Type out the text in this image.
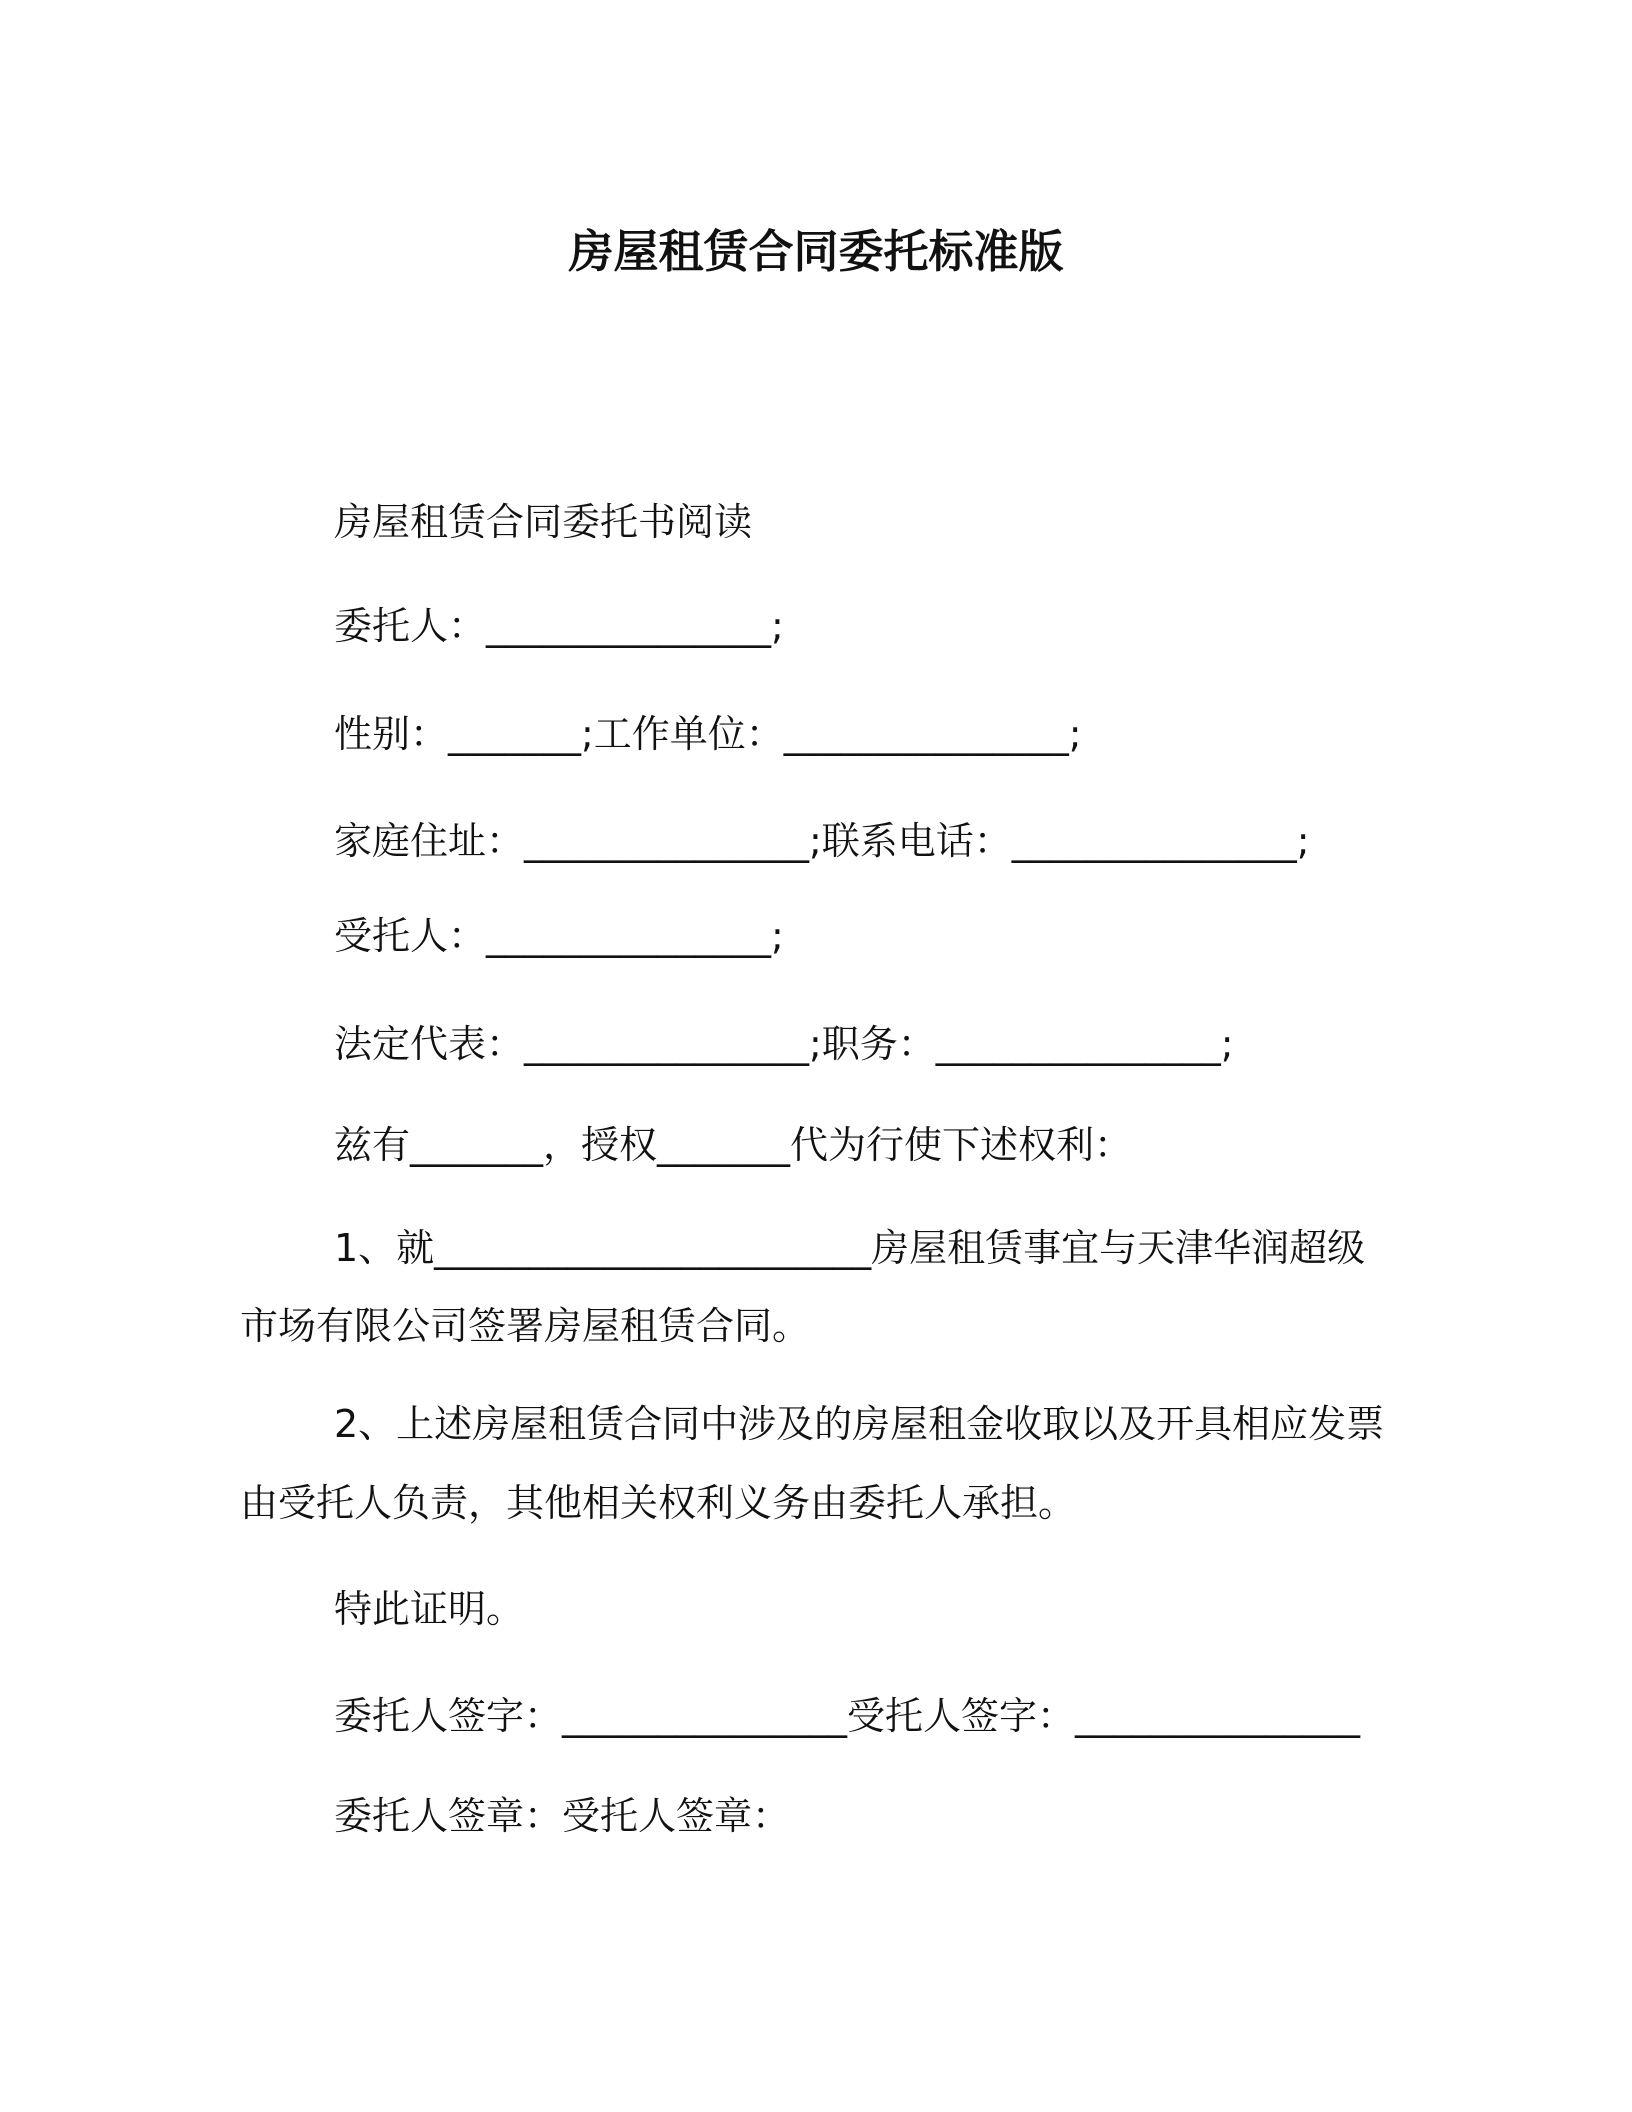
房屋租赁合同委托标准版
房屋租赁合同委托书阅读
委托人：_______________;
性别：_______;工作单位：_______________;
家庭住址：_______________;联系电话：_______________;
受托人：_______________;
法定代表：_______________;职务：_______________;
兹有_______，授权_______代为行使下述权利：
1、就_______________________房屋租赁事宜与天津华润超级
市场有限公司签署房屋租赁合同。
2、上述房屋租赁合同中涉及的房屋租金收取以及开具相应发票
由受托人负责，其他相关权利义务由委托人承担。
特此证明。
委托人签字：_______________受托人签字：_______________
委托人签章：受托人签章：
